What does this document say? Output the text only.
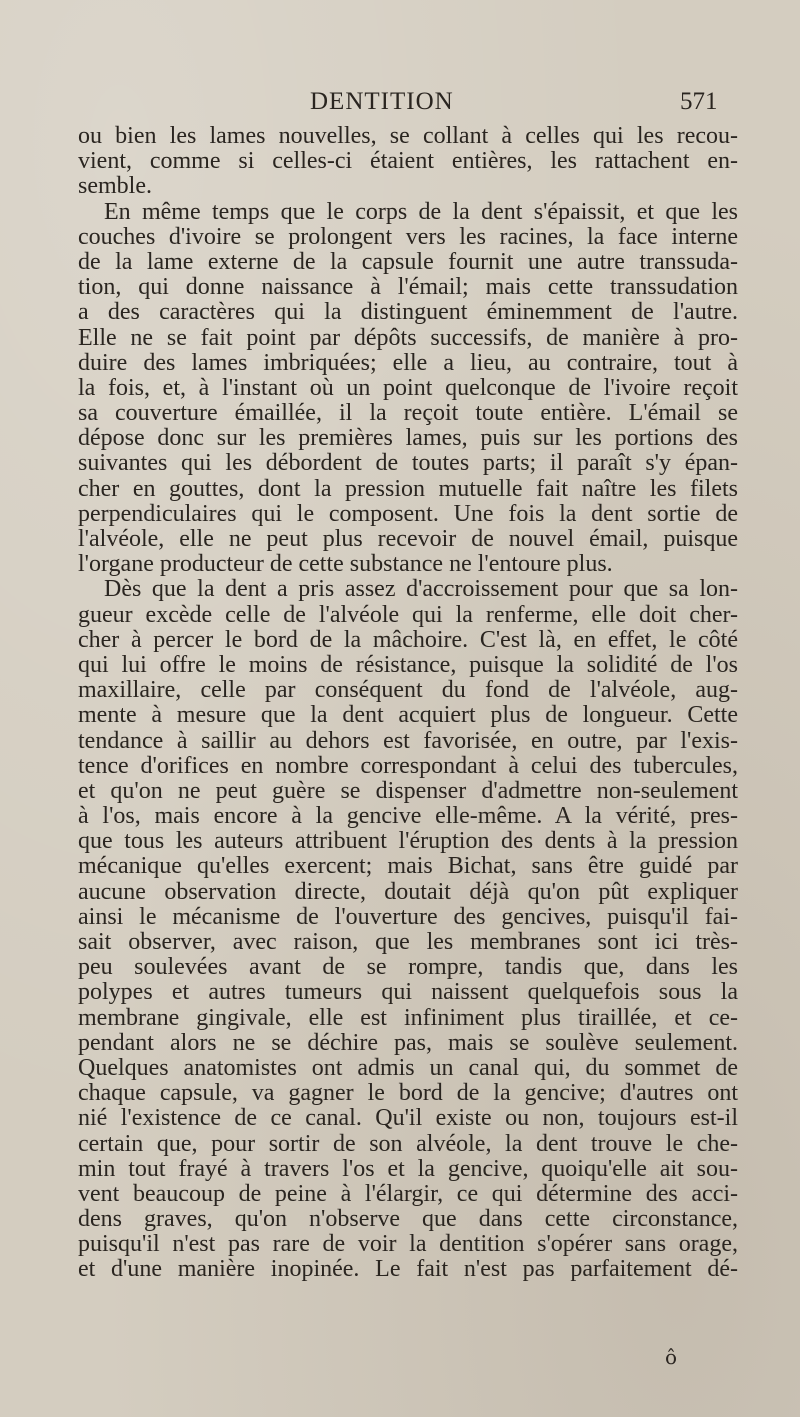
DENTITION	571
ou bien les lames nouvelles, se collant à celles qui les recou-
vient, comme si celles-ci étaient entières, les rattachent en-
semble.
En même temps que le corps de la dent s'épaissit, et que les
couches d'ivoire se prolongent vers les racines, la face interne
de la lame externe de la capsule fournit une autre transsuda-
tion, qui donne naissance à l'émail; mais cette transsudation
a des caractères qui la distinguent éminemment de l'autre.
Elle ne se fait point par dépôts successifs, de manière à pro-
duire des lames imbriquées; elle a lieu, au contraire, tout à
la fois, et, à l'instant où un point quelconque de l'ivoire reçoit
sa couverture émaillée, il la reçoit toute entière. L'émail se
dépose donc sur les premières lames, puis sur les portions des
suivantes qui les débordent de toutes parts; il paraît s'y épan-
cher en gouttes, dont la pression mutuelle fait naître les filets
perpendiculaires qui le composent. Une fois la dent sortie de
l'alvéole, elle ne peut plus recevoir de nouvel émail, puisque
l'organe producteur de cette substance ne l'entoure plus.
Dès que la dent a pris assez d'accroissement pour que sa lon-
gueur excède celle de l'alvéole qui la renferme, elle doit cher-
cher à percer le bord de la mâchoire. C'est là, en effet, le côté
qui lui offre le moins de résistance, puisque la solidité de l'os
maxillaire, celle par conséquent du fond de l'alvéole, aug-
mente à mesure que la dent acquiert plus de longueur. Cette
tendance à saillir au dehors est favorisée, en outre, par l'exis-
tence d'orifices en nombre correspondant à celui des tubercules,
et qu'on ne peut guère se dispenser d'admettre non-seulement
à l'os, mais encore à la gencive elle-même. A la vérité, pres-
que tous les auteurs attribuent l'éruption des dents à la pression
mécanique qu'elles exercent; mais Bichat, sans être guidé par
aucune observation directe, doutait déjà qu'on pût expliquer
ainsi le mécanisme de l'ouverture des gencives, puisqu'il fai-
sait observer, avec raison, que les membranes sont ici très-
peu soulevées avant de se rompre, tandis que, dans les
polypes et autres tumeurs qui naissent quelquefois sous la
membrane gingivale, elle est infiniment plus tiraillée, et ce-
pendant alors ne se déchire pas, mais se soulève seulement.
Quelques anatomistes ont admis un canal qui, du sommet de
chaque capsule, va gagner le bord de la gencive; d'autres ont
nié l'existence de ce canal. Qu'il existe ou non, toujours est-il
certain que, pour sortir de son alvéole, la dent trouve le che-
min tout frayé à travers l'os et la gencive, quoiqu'elle ait sou-
vent beaucoup de peine à l'élargir, ce qui détermine des acci-
dens graves, qu'on n'observe que dans cette circonstance,
puisqu'il n'est pas rare de voir la dentition s'opérer sans orage,
et d'une manière inopinée. Le fait n'est pas parfaitement dé-
ô
